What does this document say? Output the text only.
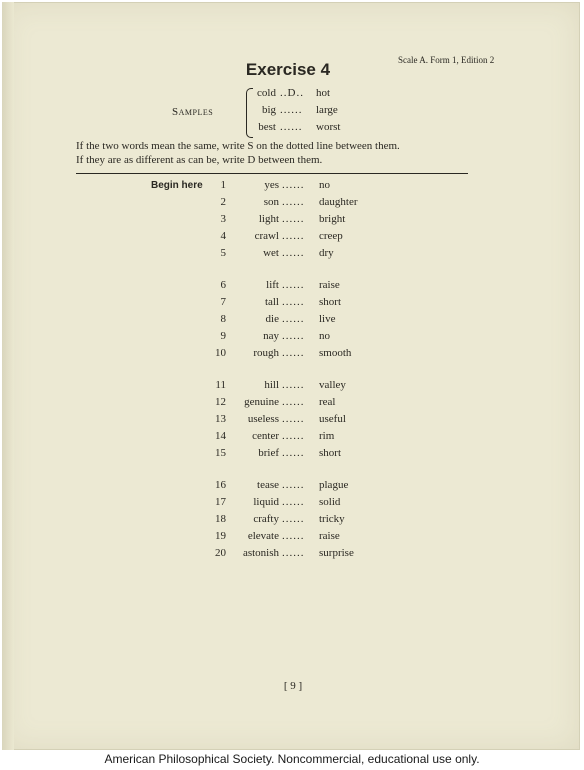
Scale A. Form 1, Edition 2
Exercise 4
Samples
cold ..D.. hot
big ...... large
best ...... worst
If the two words mean the same, write S on the dotted line between them.
If they are as different as can be, write D between them.
Begin here	1	yes ...... no
2	son ...... daughter
3	light ...... bright
4	crawl ...... creep
5	wet ...... dry
6	lift ...... raise
7	tall ...... short
8	die ...... live
9	nay ...... no
10	rough ...... smooth
11	hill ...... valley
12	genuine ...... real
13	useless ...... useful
14	center ...... rim
15	brief ...... short
16	tease ...... plague
17	liquid ...... solid
18	crafty ...... tricky
19	elevate ...... raise
20	astonish ...... surprise
[ 9 ]
American Philosophical Society. Noncommercial, educational use only.
